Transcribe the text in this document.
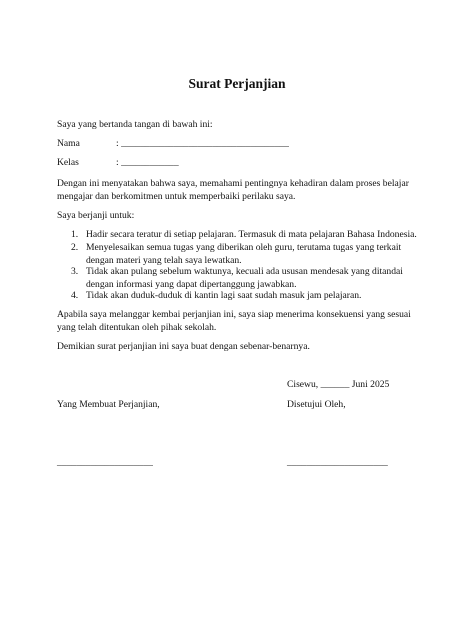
Surat Perjanjian
Saya yang bertanda tangan di bawah ini:
Nama	: ___________________________________
Kelas	: ____________
Dengan ini menyatakan bahwa saya, memahami pentingnya kehadiran dalam proses belajar
mengajar dan berkomitmen untuk memperbaiki perilaku saya.
Saya berjanji untuk:
1. Hadir secara teratur di setiap pelajaran. Termasuk di mata pelajaran Bahasa Indonesia.
2. Menyelesaikan semua tugas yang diberikan oleh guru, terutama tugas yang terkait
dengan materi yang telah saya lewatkan.
3. Tidak akan pulang sebelum waktunya, kecuali ada ususan mendesak yang ditandai
dengan informasi yang dapat dipertanggung jawabkan.
4. Tidak akan duduk-duduk di kantin lagi saat sudah masuk jam pelajaran.
Apabila saya melanggar kembai perjanjian ini, saya siap menerima konsekuensi yang sesuai
yang telah ditentukan oleh pihak sekolah.
Demikian surat perjanjian ini saya buat dengan sebenar-benarnya.
Cisewu, ______ Juni 2025
Yang Membuat Perjanjian,	Disetujui Oleh,
____________________	_____________________
